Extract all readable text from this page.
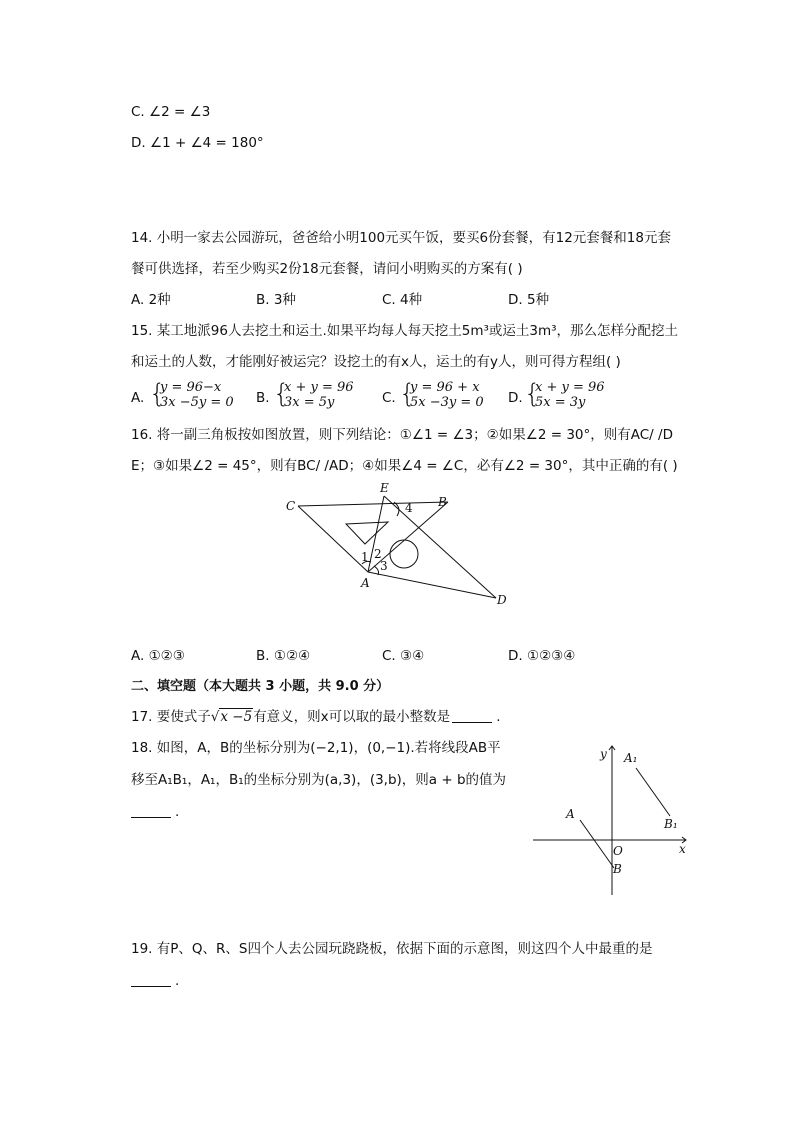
C. ∠2 = ∠3
D. ∠1 + ∠4 = 180°
14. 小明一家去公园游玩，爸爸给小明100元买午饭，要买6份套餐，有12元套餐和18元套
餐可供选择，若至少购买2份18元套餐，请问小明购买的方案有( )
A. 2种	B. 3种	C. 4种	D. 5种
15. 某工地派96人去挖土和运土.如果平均每人每天挖土5m³或运土3m³，那么怎样分配挖土
和运土的人数，才能刚好被运完？设挖土的有x人，运土的有y人，则可得方程组( )
A. {
y = 96−x
3x −5y = 0 B. {
x + y = 96
3x = 5y	C. {
y = 96 + x
5x −3y = 0 D. {
x + y = 96
5x = 3y
16. 将一副三角板按如图放置，则下列结论：①∠1 = ∠3；②如果∠2 = 30°，则有AC/ /D
E；③如果∠2 = 45°，则有BC/ /AD；④如果∠4 = ∠C，必有∠2 = 30°，其中正确的有( )
C
E
B
4
1 2
3
A
D
A. ①②③	B. ①②④	C. ③④	D. ①②③④
二、填空题（本大题共 3 小题，共 9.0 分）
17. 要使式子√x −5有意义，则x可以取的最小整数是	.
18. 如图，A，B的坐标分别为(−2,1)，(0,−1).若将线段AB平
移至A₁B₁，A₁，B₁的坐标分别为(a,3)，(3,b)，则a + b的值为
.
y A₁
A
B₁
O	x
B
19. 有P、Q、R、S四个人去公园玩跷跷板，依据下面的示意图，则这四个人中最重的是
.
